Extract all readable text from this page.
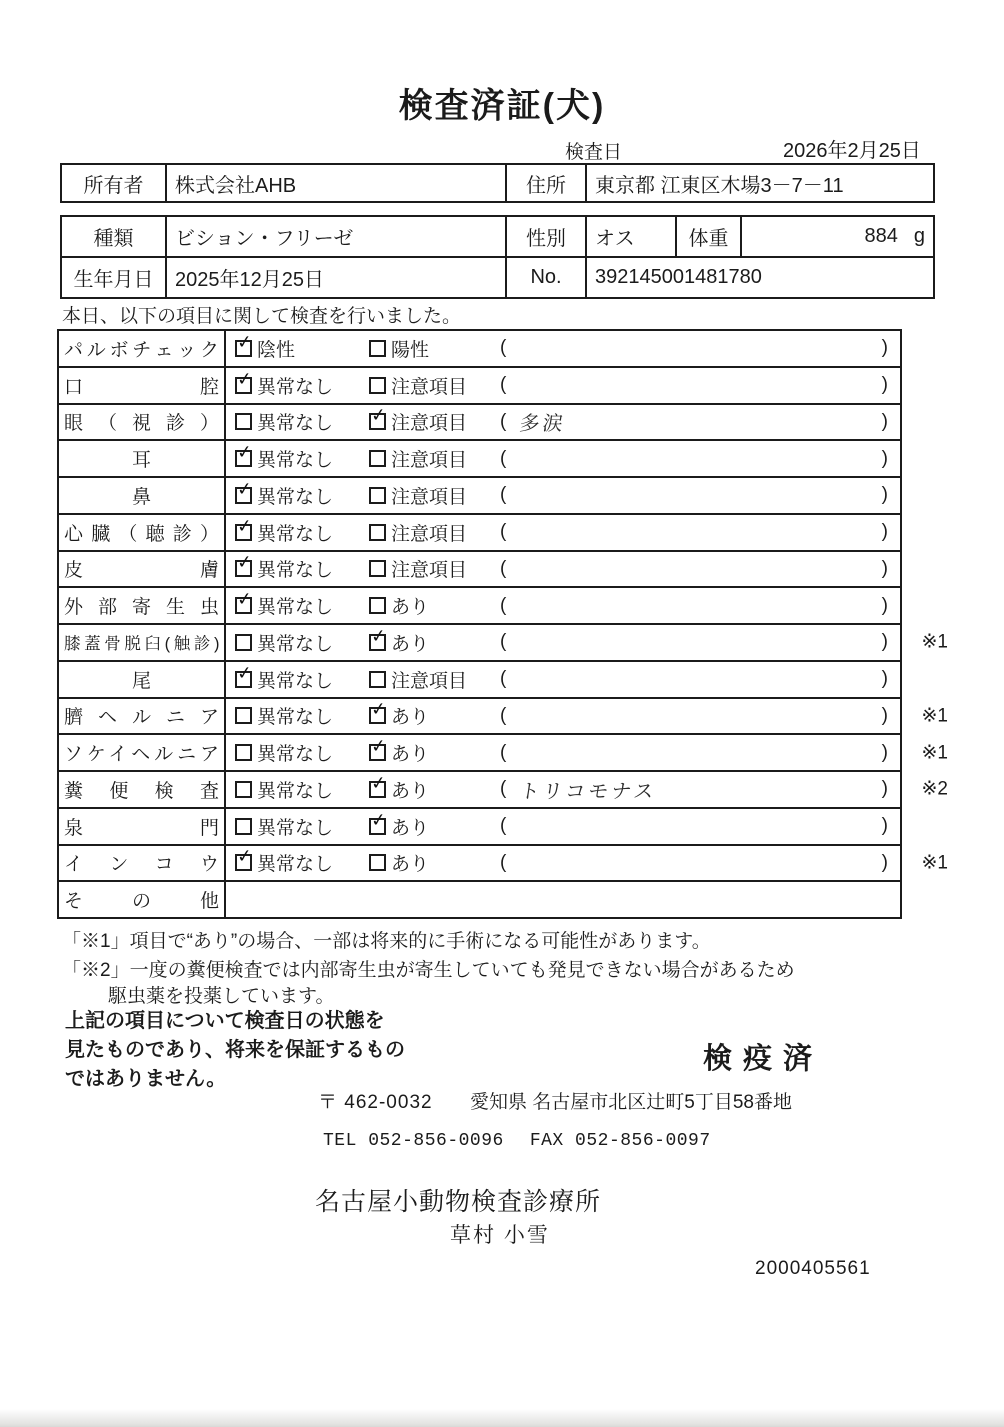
検査済証(犬)
検査日	2026年2月25日
所有者	株式会社AHB	住所	東京都 江東区木場3－7－11
種類	ビション・フリーゼ	性別	オス	体重	884 g
生年月日	2025年12月25日	No.	392145001481780
本日、以下の項目に関して検査を行いました。
パルボチェック ✓ 陰性	陽性	(	)
口腔 ✓ 異常なし	注意項目 (	)
眼（視診） 異常なし ✓ 注意項目 ( 多涙	)
耳	✓ 異常なし	注意項目 (	)
鼻	✓ 異常なし	注意項目 (	)
心臓（聴診） ✓ 異常なし	注意項目 (	)
皮膚 ✓ 異常なし	注意項目 (	)
外部寄生虫 ✓ 異常なし	あり	(	)
膝蓋骨脱臼(触診) 異常なし ✓ あり	(	) ※1
尾	✓ 異常なし	注意項目 (	)
臍ヘルニア 異常なし ✓ あり	(	) ※1
ソケイヘルニア 異常なし ✓ あり	(	) ※1
糞便検査 異常なし ✓ あり	( トリコモナス	) ※2
泉門 異常なし ✓ あり	(	)
インコウ ✓ 異常なし	あり	(	) ※1
その他
「※1」項目で“あり”の場合、一部は将来的に手術になる可能性があります。
「※2」一度の糞便検査では内部寄生虫が寄生していても発見できない場合があるため
駆虫薬を投薬しています。
上記の項目について検査日の状態を
見たものであり、将来を保証するもの
ではありません。
検疫済
〒 462-0032 愛知県 名古屋市北区辻町5丁目58番地
TEL 052-856-0096 FAX 052-856-0097
名古屋小動物検査診療所
草村 小雪
2000405561
